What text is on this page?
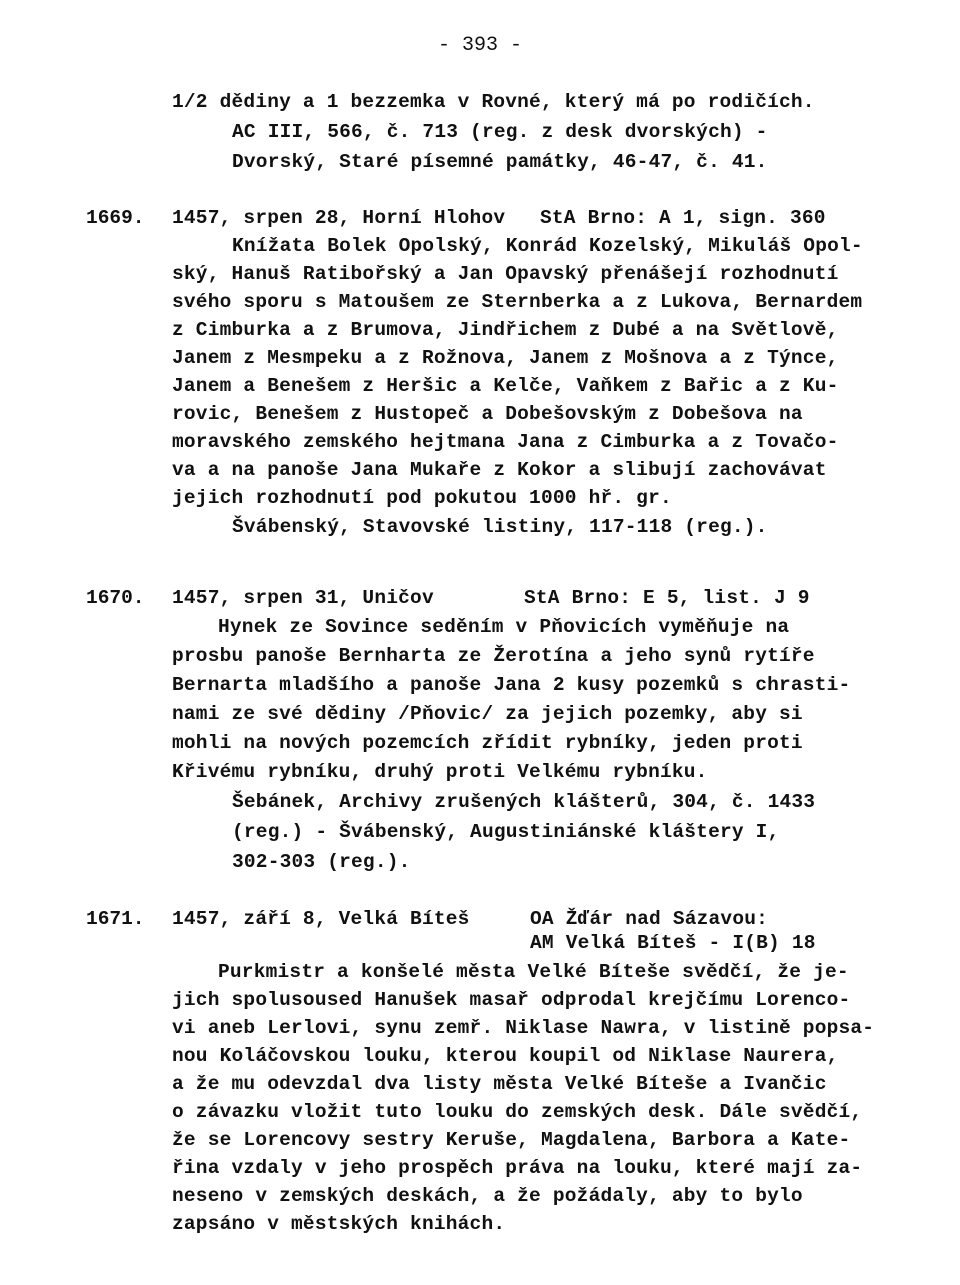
- 393 -
1/2 dědiny a 1 bezzemka v Rovné, který má po rodičích.
AC III, 566, č. 713 (reg. z desk dvorských) -
Dvorský, Staré písemné památky, 46-47, č. 41.
1669. 1457, srpen 28, Horní Hlohov StA Brno: A 1, sign. 360
Knížata Bolek Opolský, Konrád Kozelský, Mikuláš Opol-
ský, Hanuš Ratibořský a Jan Opavský přenášejí rozhodnutí
svého sporu s Matoušem ze Sternberka a z Lukova, Bernardem
z Cimburka a z Brumova, Jindřichem z Dubé a na Světlově,
Janem z Mesmpeku a z Rožnova, Janem z Mošnova a z Týnce,
Janem a Benešem z Heršic a Kelče, Vaňkem z Bařic a z Ku-
rovic, Benešem z Hustopeč a Dobešovským z Dobešova na
moravského zemského hejtmana Jana z Cimburka a z Tovačo-
va a na panoše Jana Mukaře z Kokor a slibují zachovávat
jejich rozhodnutí pod pokutou 1000 hř. gr.
Švábenský, Stavovské listiny, 117-118 (reg.).
1670. 1457, srpen 31, Uničov	StA Brno: E 5, list. J 9
Hynek ze Sovince seděním v Pňovicích vyměňuje na
prosbu panoše Bernharta ze Žerotína a jeho synů rytíře
Bernarta mladšího a panoše Jana 2 kusy pozemků s chrasti-
nami ze své dědiny /Pňovic/ za jejich pozemky, aby si
mohli na nových pozemcích zřídit rybníky, jeden proti
Křivému rybníku, druhý proti Velkému rybníku.
Šebánek, Archivy zrušených klášterů, 304, č. 1433
(reg.) - Švábenský, Augustiniánské kláštery I,
302-303 (reg.).
1671. 1457, září 8, Velká Bíteš	OA Žďár nad Sázavou:
AM Velká Bíteš - I(B) 18
Purkmistr a konšelé města Velké Bíteše svědčí, že je-
jich spolusoused Hanušek masař odprodal krejčímu Lorenco-
vi aneb Lerlovi, synu zemř. Niklase Nawra, v listině popsa-
nou Koláčovskou louku, kterou koupil od Niklase Naurera,
a že mu odevzdal dva listy města Velké Bíteše a Ivančic
o závazku vložit tuto louku do zemských desk. Dále svědčí,
že se Lorencovy sestry Keruše, Magdalena, Barbora a Kate-
řina vzdaly v jeho prospěch práva na louku, které mají za-
neseno v zemských deskách, a že požádaly, aby to bylo
zapsáno v městských knihách.
